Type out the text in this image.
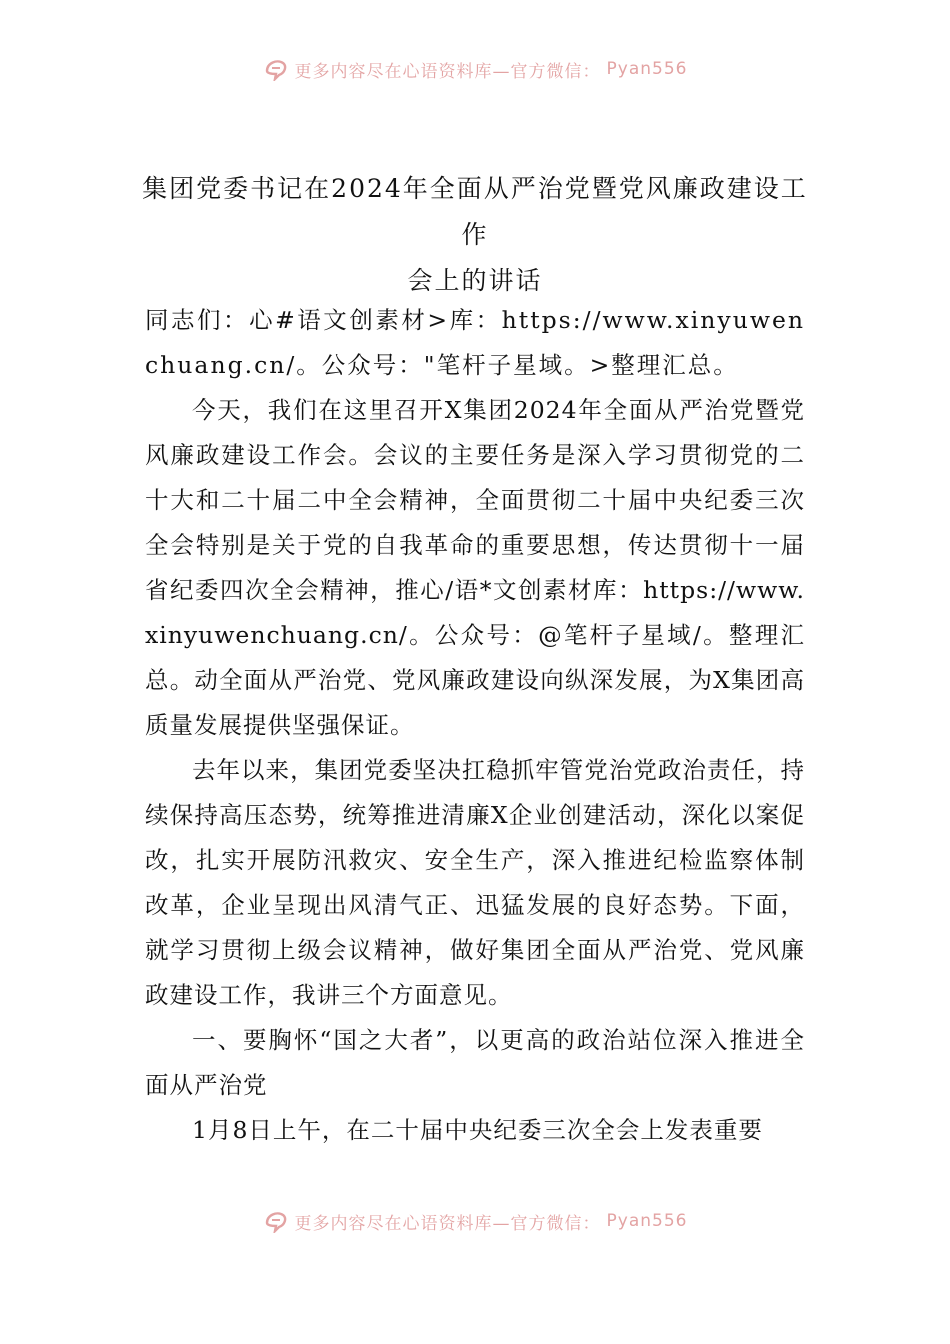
更多内容尽在心语资料库—官方微信： Pyan556
集团党委书记在2024年全面从严治党暨党风廉政建设工作
会上的讲话

同志们：心#语文创素材>库：https://www.xinyuwenchuang.cn/。公众号："笔杆子星域。>整理汇总。

今天，我们在这里召开X集团2024年全面从严治党暨党风廉政建设工作会。会议的主要任务是深入学习贯彻党的二十大和二十届二中全会精神，全面贯彻二十届中央纪委三次全会特别是关于党的自我革命的重要思想，传达贯彻十一届省纪委四次全会精神，推心/语*文创素材库：https://www.xinyuwenchuang.cn/。公众号：@笔杆子星域/。整理汇总。动全面从严治党、党风廉政建设向纵深发展，为X集团高质量发展提供坚强保证。

去年以来，集团党委坚决扛稳抓牢管党治党政治责任，持续保持高压态势，统筹推进清廉X企业创建活动，深化以案促改，扎实开展防汛救灾、安全生产，深入推进纪检监察体制改革，企业呈现出风清气正、迅猛发展的良好态势。下面，就学习贯彻上级会议精神，做好集团全面从严治党、党风廉政建设工作，我讲三个方面意见。

一、要胸怀“国之大者”，以更高的政治站位深入推进全面从严治党

1月8日上午，在二十届中央纪委三次全会上发表重要

更多内容尽在心语资料库—官方微信： Pyan556
